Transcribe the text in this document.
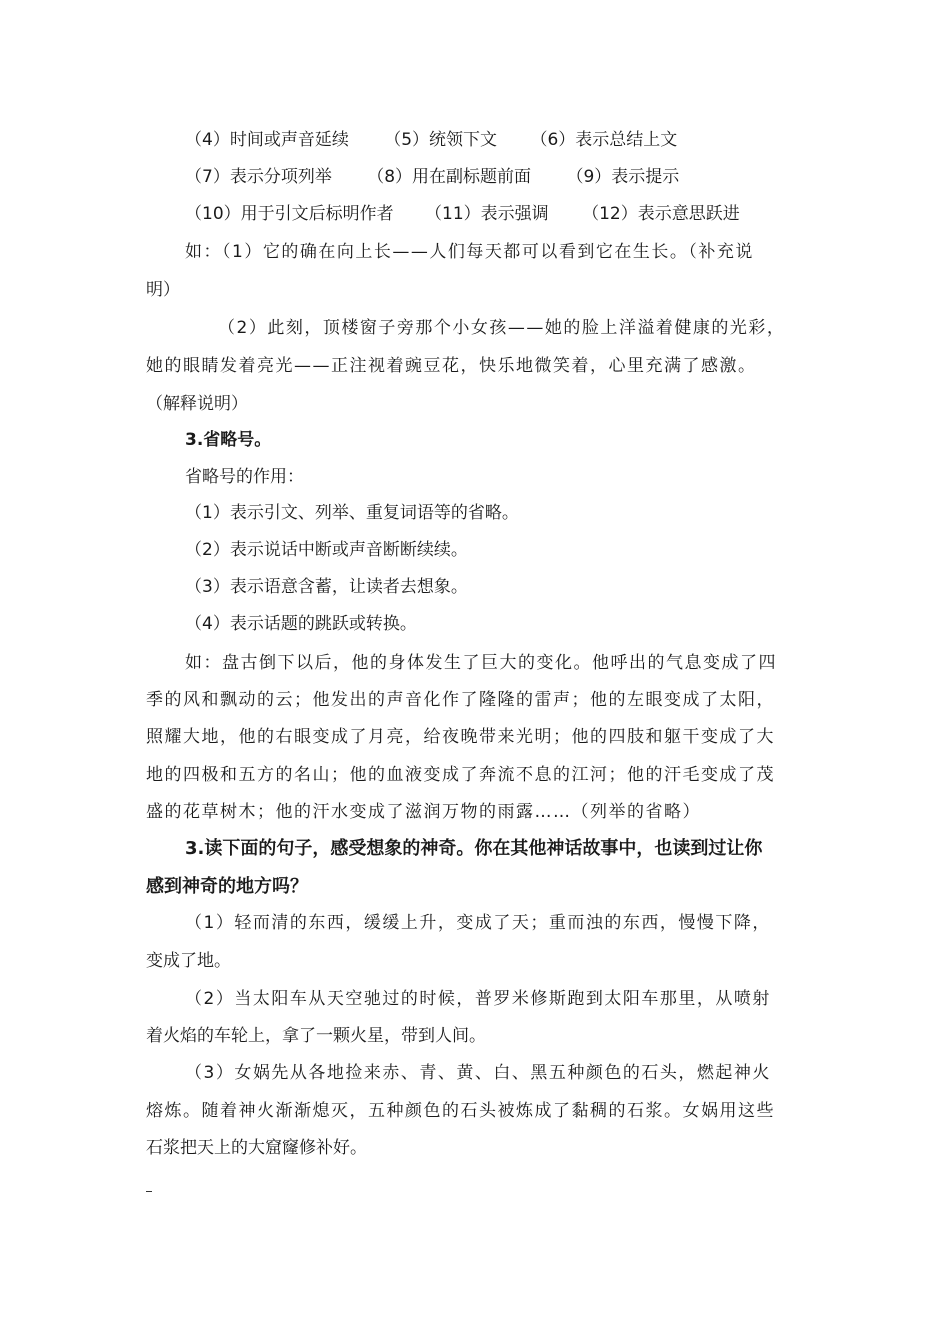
（4）时间或声音延续 （5）统领下文 （6）表示总结上文
（7）表示分项列举 （8）用在副标题前面 （9）表示提示
（10）用于引文后标明作者 （11）表示强调 （12）表示意思跃进
如：（1）它的确在向上长——人们每天都可以看到它在生长。（补充说
明）
（2）此刻，顶楼窗子旁那个小女孩——她的脸上洋溢着健康的光彩，
她的眼睛发着亮光——正注视着豌豆花，快乐地微笑着，心里充满了感激。
（解释说明）
3.省略号。
省略号的作用：
（1）表示引文、列举、重复词语等的省略。
（2）表示说话中断或声音断断续续。
（3）表示语意含蓄，让读者去想象。
（4）表示话题的跳跃或转换。
如：盘古倒下以后，他的身体发生了巨大的变化。他呼出的气息变成了四
季的风和飘动的云；他发出的声音化作了隆隆的雷声；他的左眼变成了太阳，
照耀大地，他的右眼变成了月亮，给夜晚带来光明；他的四肢和躯干变成了大
地的四极和五方的名山；他的血液变成了奔流不息的江河；他的汗毛变成了茂
盛的花草树木；他的汗水变成了滋润万物的雨露……（列举的省略）
3.读下面的句子，感受想象的神奇。你在其他神话故事中，也读到过让你
感到神奇的地方吗？
（1）轻而清的东西，缓缓上升，变成了天；重而浊的东西，慢慢下降，
变成了地。
（2）当太阳车从天空驰过的时候，普罗米修斯跑到太阳车那里，从喷射
着火焰的车轮上，拿了一颗火星，带到人间。
（3）女娲先从各地捡来赤、青、黄、白、黑五种颜色的石头，燃起神火
熔炼。随着神火渐渐熄灭，五种颜色的石头被炼成了黏稠的石浆。女娲用这些
石浆把天上的大窟窿修补好。
